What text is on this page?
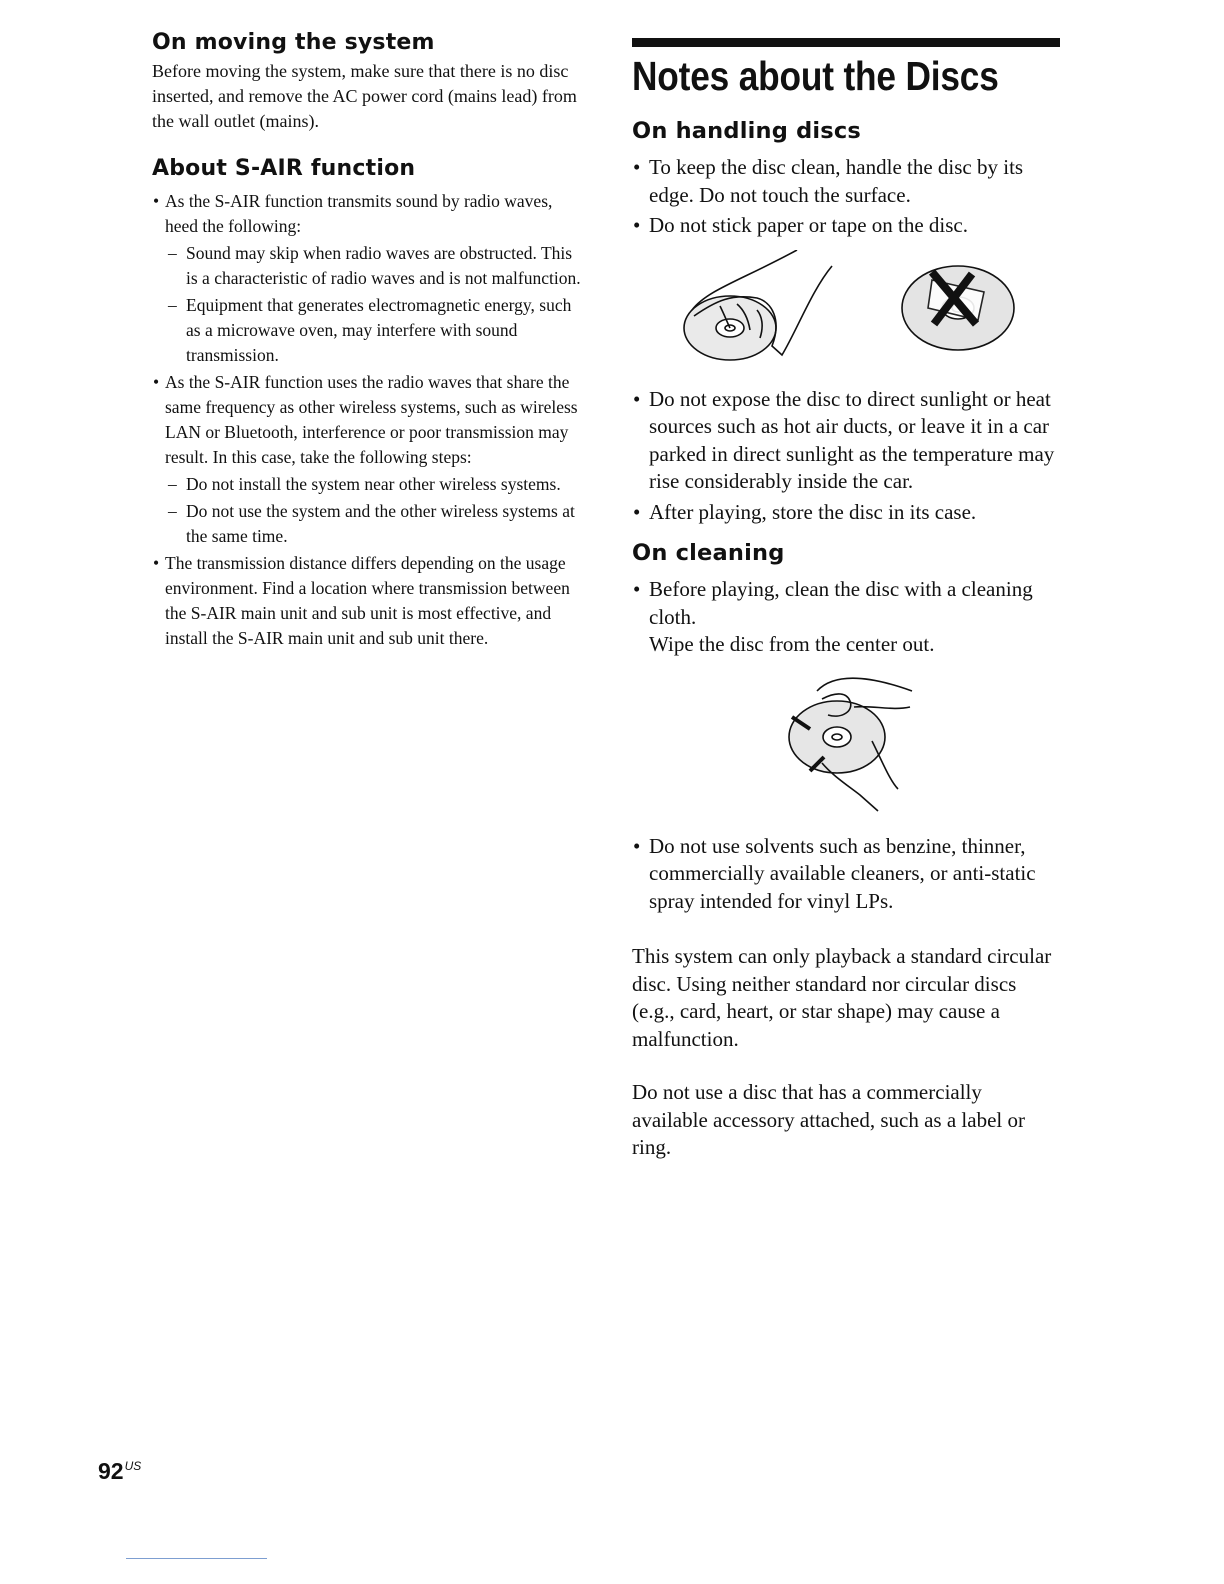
On moving the system

Before moving the system, make sure that there is no disc inserted, and remove the AC power cord (mains lead) from the wall outlet (mains).

About S-AIR function
• As the S-AIR function transmits sound by radio waves, heed the following:
– Sound may skip when radio waves are obstructed. This is a characteristic of radio waves and is not malfunction.
– Equipment that generates electromagnetic energy, such as a microwave oven, may interfere with sound transmission.
• As the S-AIR function uses the radio waves that share the same frequency as other wireless systems, such as wireless LAN or Bluetooth, interference or poor transmission may result. In this case, take the following steps:
– Do not install the system near other wireless systems.
– Do not use the system and the other wireless systems at the same time.
• The transmission distance differs depending on the usage environment. Find a location where transmission between the S-AIR main unit and sub unit is most effective, and install the S-AIR main unit and sub unit there.
Notes about the Discs
On handling discs
• To keep the disc clean, handle the disc by its edge. Do not touch the surface.
• Do not stick paper or tape on the disc.
• Do not expose the disc to direct sunlight or heat sources such as hot air ducts, or leave it in a car parked in direct sunlight as the temperature may rise considerably inside the car.
• After playing, store the disc in its case.
On cleaning
• Before playing, clean the disc with a cleaning cloth.
Wipe the disc from the center out.
• Do not use solvents such as benzine, thinner, commercially available cleaners, or anti-static spray intended for vinyl LPs.

This system can only playback a standard circular disc. Using neither standard nor circular discs (e.g., card, heart, or star shape) may cause a malfunction.

Do not use a disc that has a commercially available accessory attached, such as a label or ring.

$92^{US}$
